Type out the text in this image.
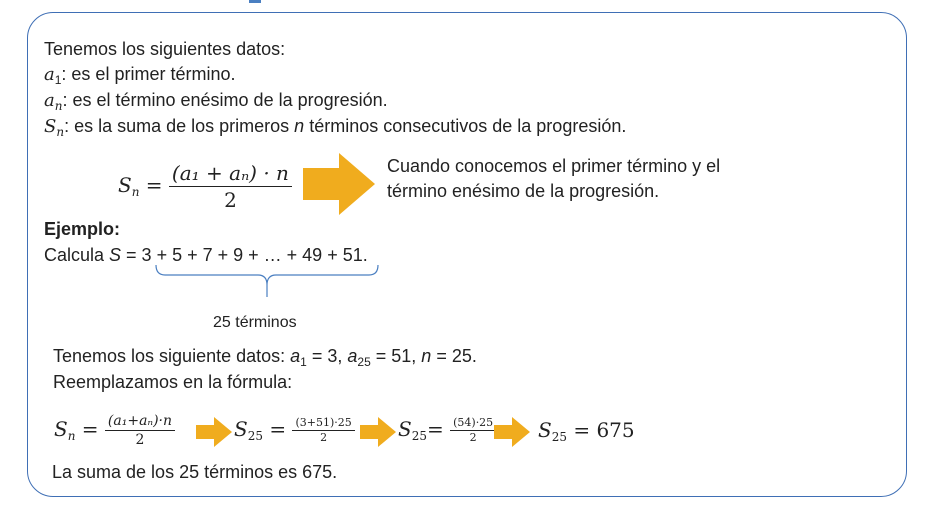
Tenemos los siguientes datos:
$a_1$: es el primer término.
$a_n$: es el término enésimo de la progresión.
$S_n$: es la suma de los primeros n términos consecutivos de la progresión.
$S_n = \frac{\text{(a₁ + aₙ) · n}}{2}$	Cuando conocemos el primer término y el
término enésimo de la progresión.
Ejemplo:
Calcula S = 3 + 5 + 7 + 9 + … + 49 + 51.
25 términos
Tenemos los siguiente datos: $a_1 = 3$, $a_{25} = 51$, n = 25.
Reemplazamos en la fórmula:
$S_n = \frac{\text{(a₁+aₙ)·n}}{2}$	$S_{25} = \frac{(3+51)\cdot 25}{2} S_{25}= \frac{(54)\cdot 25}{2} S_{25} = 675$
La suma de los 25 términos es 675.
